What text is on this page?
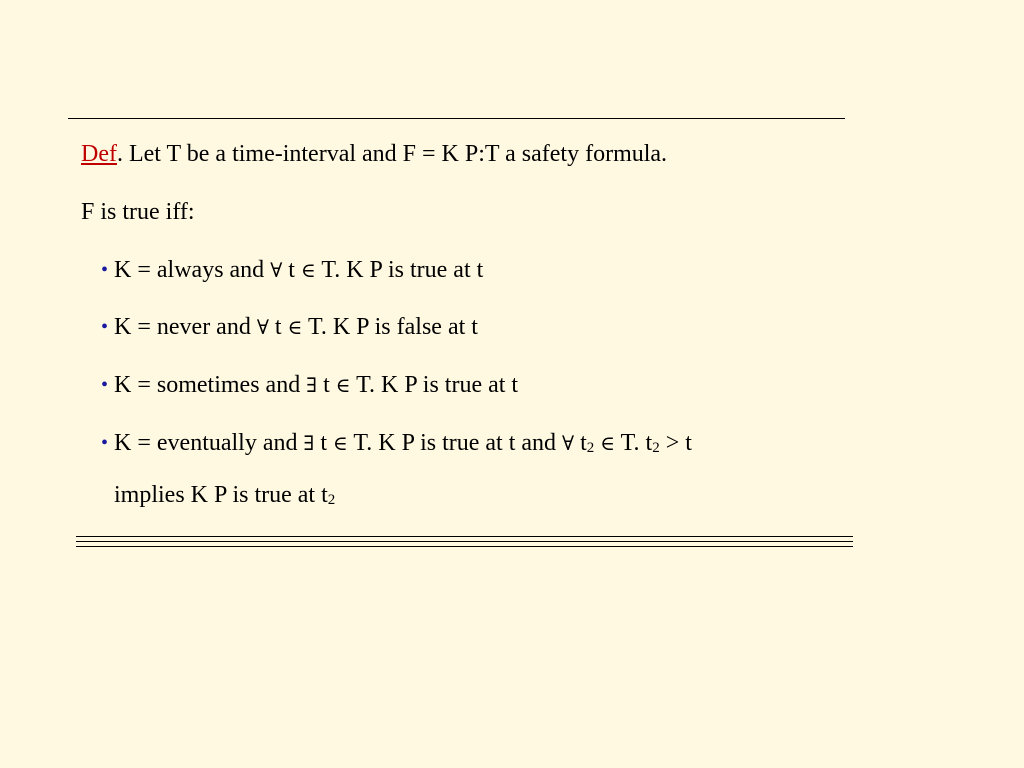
Def. Let T be a time-interval and F = K P:T a safety formula.
F is true iff:
• K = always and ∀ t ∈ T. K P is true at t
• K = never and ∀ t ∈ T. K P is false at t
• K = sometimes and ∃ t ∈ T. K P is true at t
• K = eventually and ∃ t ∈ T. K P is true at t and ∀ $t_2$ ∈ T. $t_2 > t$
implies K P is true at $t_2$
